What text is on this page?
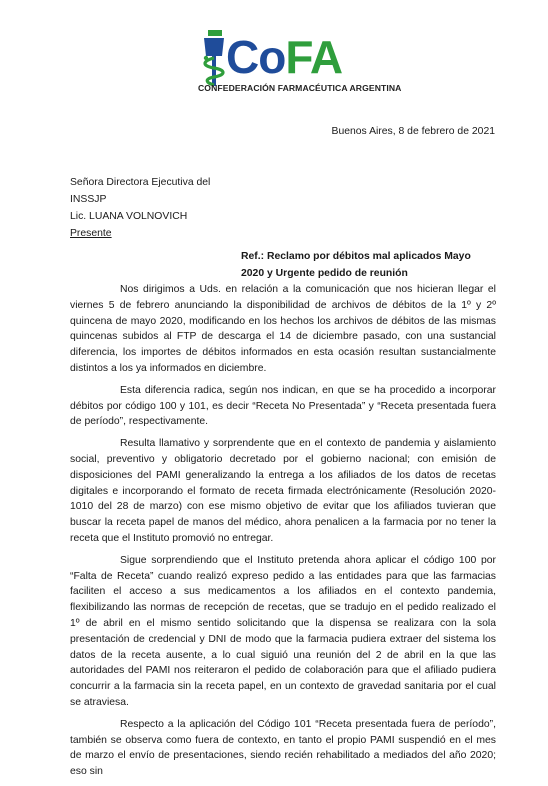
CoFA
CONFEDERACIÓN FARMACÉUTICA ARGENTINA
Buenos Aires, 8 de febrero de 2021
Señora Directora Ejecutiva del
INSSJP
Lic. LUANA VOLNOVICH
Presente
Ref.: Reclamo por débitos mal aplicados Mayo 2020 y Urgente pedido de reunión

Nos dirigimos a Uds. en relación a la comunicación que nos hicieran llegar el viernes 5 de febrero anunciando la disponibilidad de archivos de débitos de la 1º y 2º quincena de mayo 2020, modificando en los hechos los archivos de débitos de las mismas quincenas subidos al FTP de descarga el 14 de diciembre pasado, con una sustancial diferencia, los importes de débitos informados en esta ocasión resultan sustancialmente distintos a los ya informados en diciembre.

Esta diferencia radica, según nos indican, en que se ha procedido a incorporar débitos por código 100 y 101, es decir “Receta No Presentada” y “Receta presentada fuera de período”, respectivamente.

Resulta llamativo y sorprendente que en el contexto de pandemia y aislamiento social, preventivo y obligatorio decretado por el gobierno nacional; con emisión de disposiciones del PAMI generalizando la entrega a los afiliados de los datos de recetas digitales e incorporando el formato de receta firmada electrónicamente (Resolución 2020-1010 del 28 de marzo) con ese mismo objetivo de evitar que los afiliados tuvieran que buscar la receta papel de manos del médico, ahora penalicen a la farmacia por no tener la receta que el Instituto promovió no entregar.

Sigue sorprendiendo que el Instituto pretenda ahora aplicar el código 100 por “Falta de Receta” cuando realizó expreso pedido a las entidades para que las farmacias faciliten el acceso a sus medicamentos a los afiliados en el contexto pandemia, flexibilizando las normas de recepción de recetas, que se tradujo en el pedido realizado el 1º de abril en el mismo sentido solicitando que la dispensa se realizara con la sola presentación de credencial y DNI de modo que la farmacia pudiera extraer del sistema los datos de la receta ausente, a lo cual siguió una reunión del 2 de abril en la que las autoridades del PAMI nos reiteraron el pedido de colaboración para que el afiliado pudiera concurrir a la farmacia sin la receta papel, en un contexto de gravedad sanitaria por el cual se atraviesa.

Respecto a la aplicación del Código 101 “Receta presentada fuera de período”, también se observa como fuera de contexto, en tanto el propio PAMI suspendió en el mes de marzo el envío de presentaciones, siendo recién rehabilitado a mediados del año 2020; eso sin
